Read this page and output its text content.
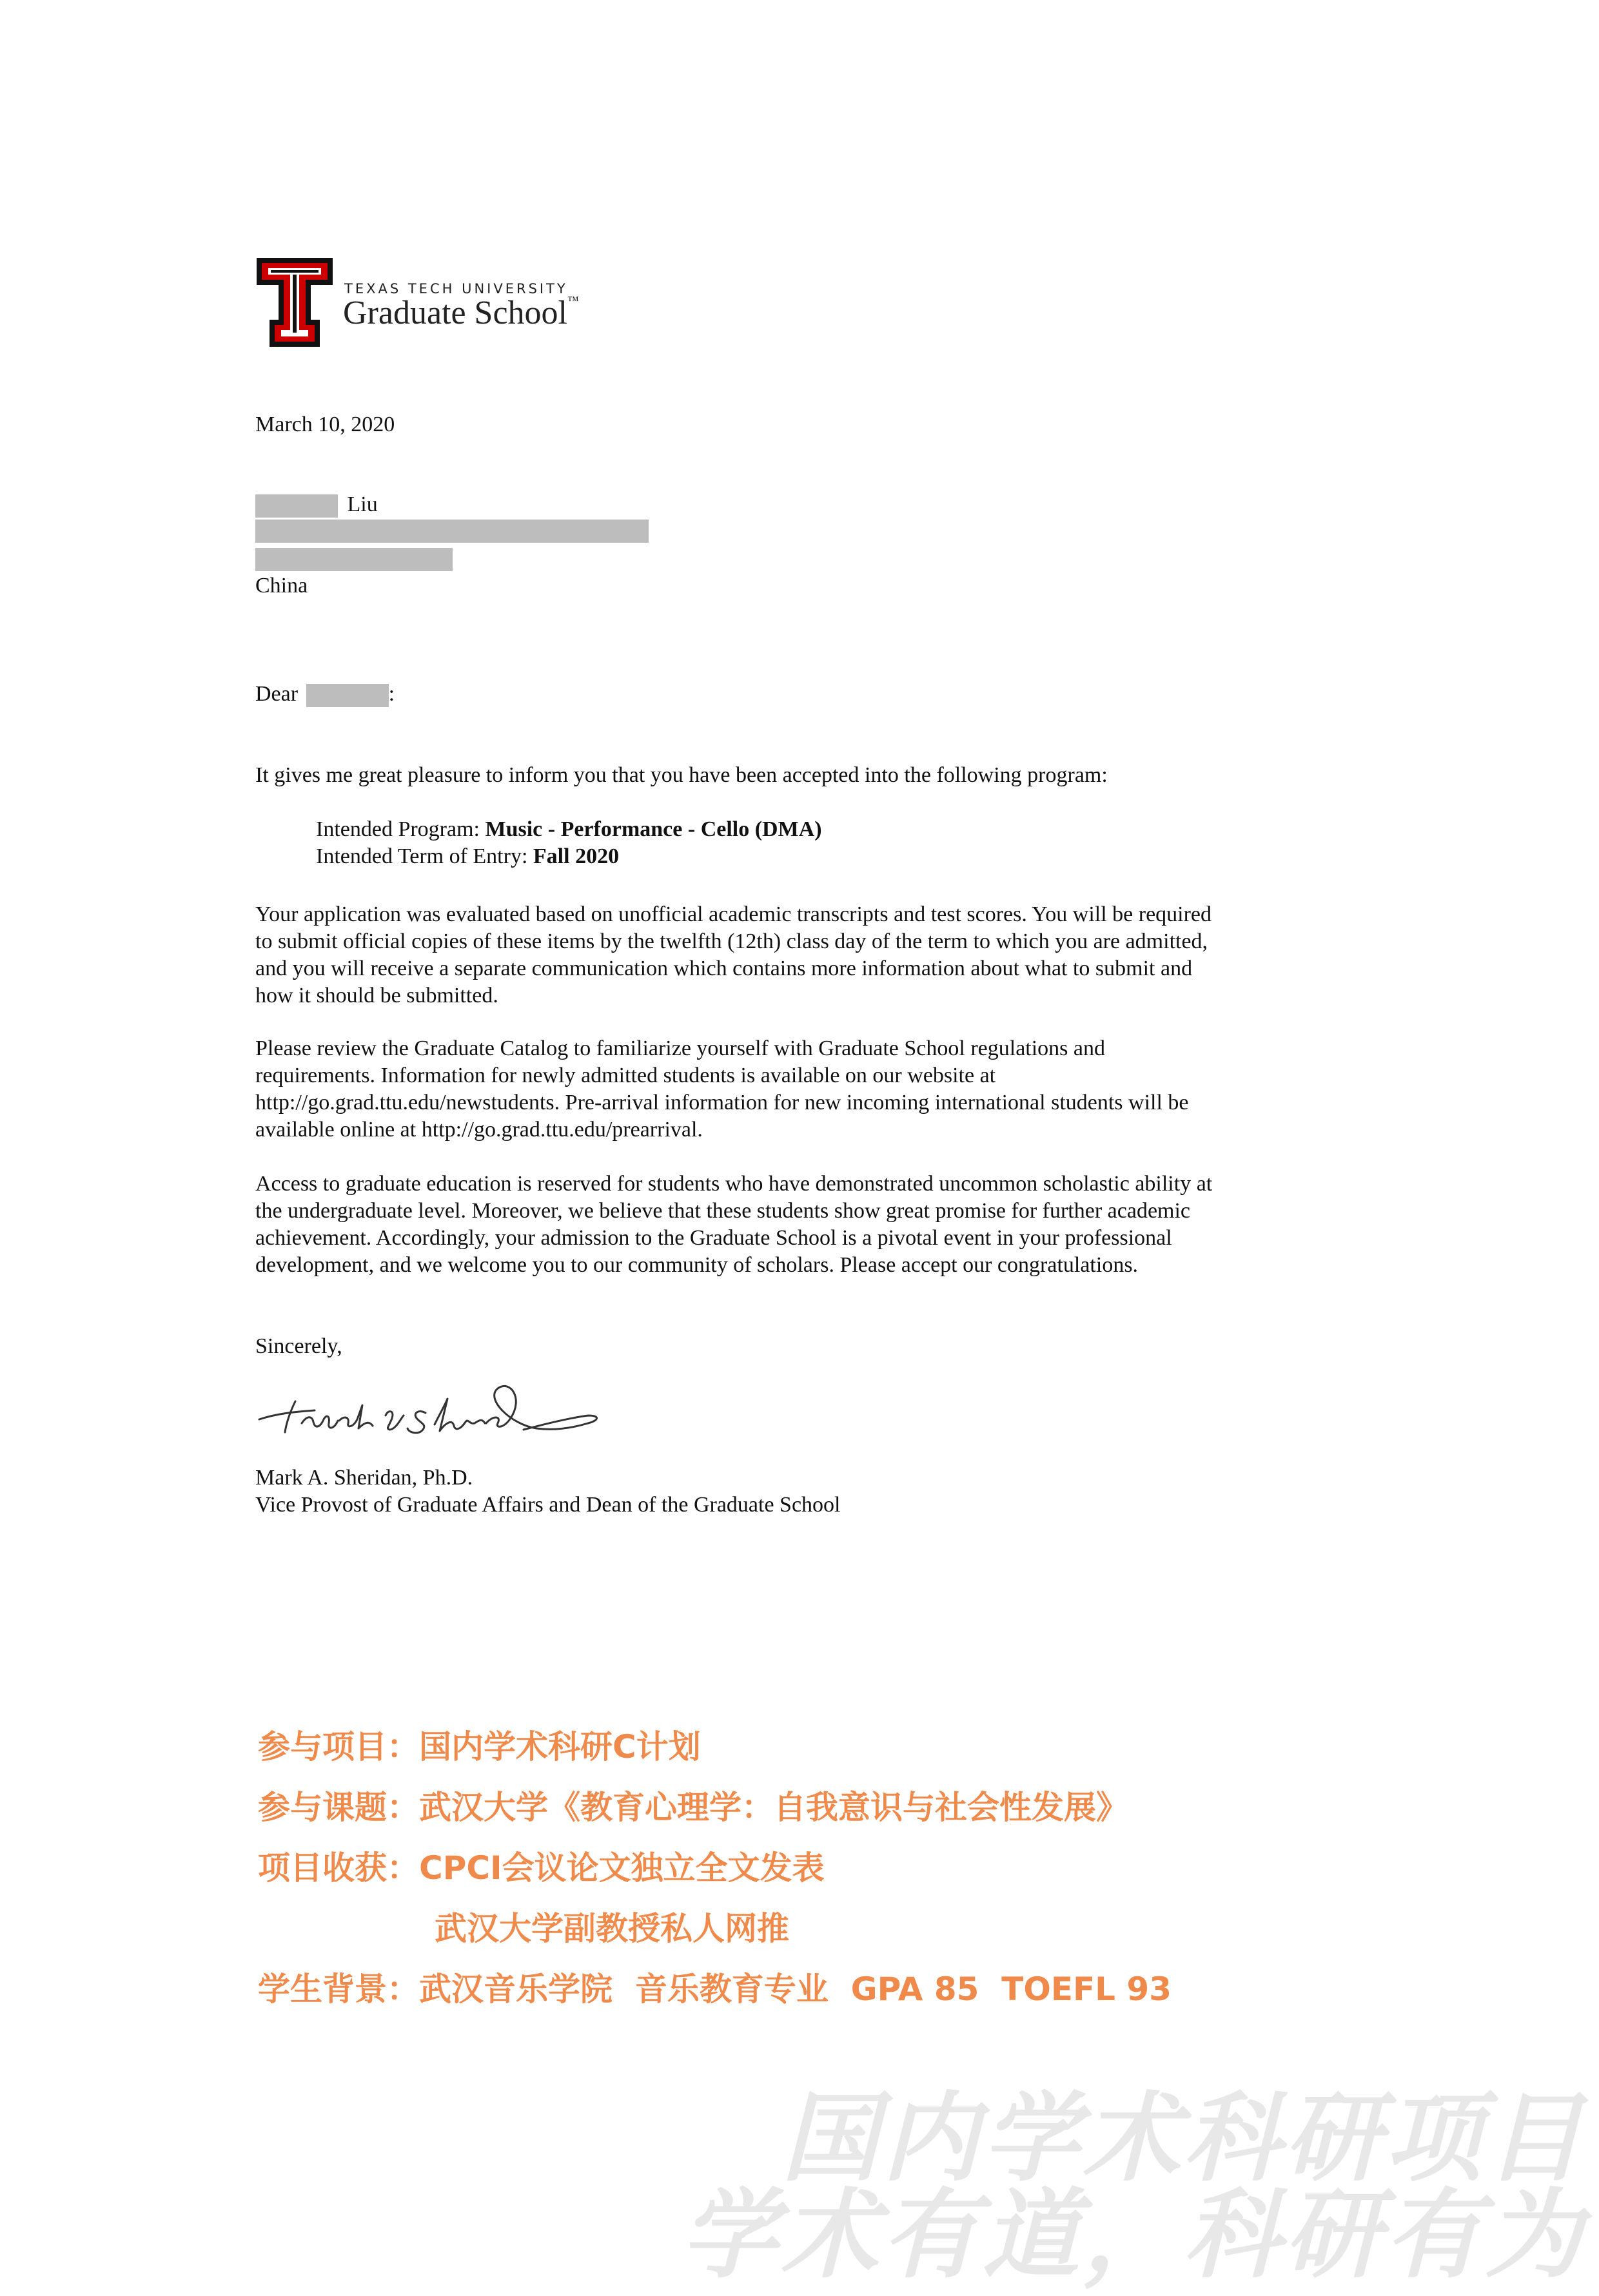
TEXAS TECH UNIVERSITY
Graduate School™
March 10, 2020
Liu
China
Dear	:
It gives me great pleasure to inform you that you have been accepted into the following program:
Intended Program: Music - Performance - Cello (DMA)
Intended Term of Entry: Fall 2020
Your application was evaluated based on unofficial academic transcripts and test scores. You will be required
to submit official copies of these items by the twelfth (12th) class day of the term to which you are admitted,
and you will receive a separate communication which contains more information about what to submit and
how it should be submitted.
Please review the Graduate Catalog to familiarize yourself with Graduate School regulations and
requirements. Information for newly admitted students is available on our website at
http://go.grad.ttu.edu/newstudents. Pre-arrival information for new incoming international students will be
available online at http://go.grad.ttu.edu/prearrival.
Access to graduate education is reserved for students who have demonstrated uncommon scholastic ability at
the undergraduate level. Moreover, we believe that these students show great promise for further academic
achievement. Accordingly, your admission to the Graduate School is a pivotal event in your professional
development, and we welcome you to our community of scholars. Please accept our congratulations.
Sincerely,
Mark A. Sheridan, Ph.D.
Vice Provost of Graduate Affairs and Dean of the Graduate School
参与项目：国内学术科研C计划
参与课题：武汉大学《教育心理学：自我意识与社会性发展》
项目收获：CPCI会议论文独立全文发表
武汉大学副教授私人网推
学生背景：武汉音乐学院  音乐教育专业  GPA 85  TOEFL 93
国内学术科研项目
学术有道，科研有为
